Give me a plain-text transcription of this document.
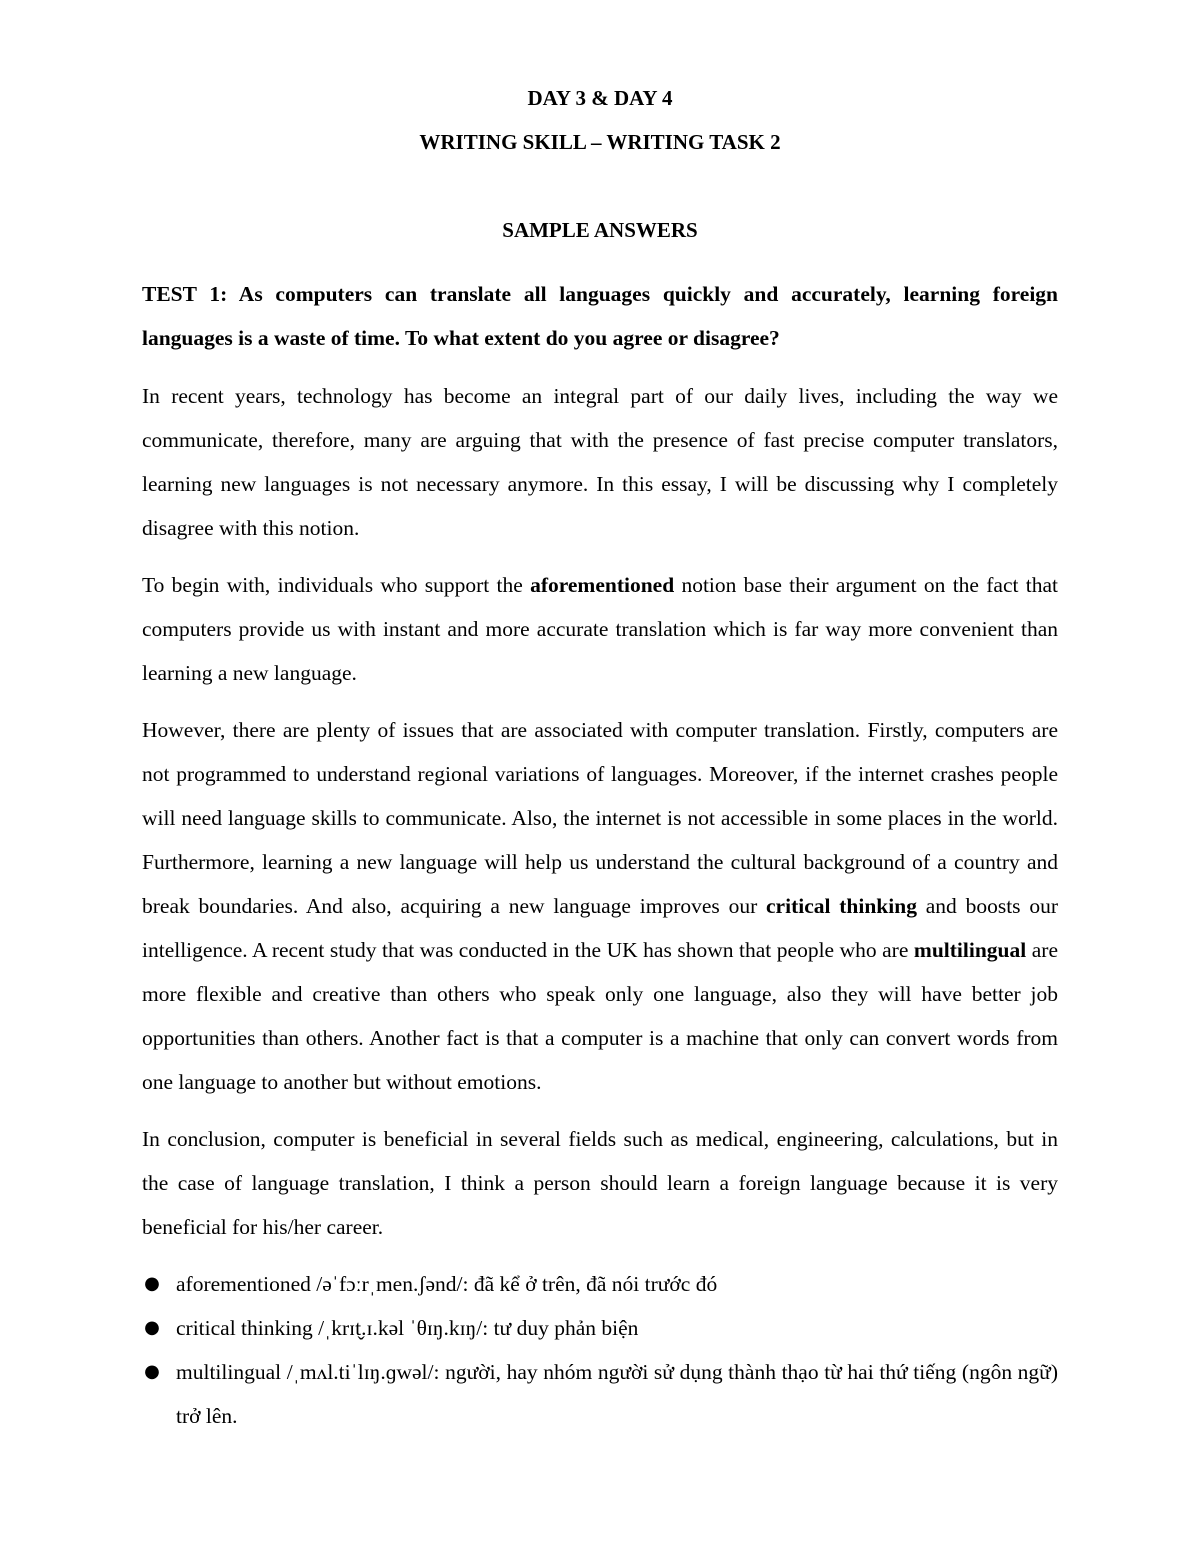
DAY 3 & DAY 4

WRITING SKILL – WRITING TASK 2

SAMPLE ANSWERS

TEST 1: As computers can translate all languages quickly and accurately, learning foreign languages is a waste of time. To what extent do you agree or disagree?

In recent years, technology has become an integral part of our daily lives, including the way we communicate, therefore, many are arguing that with the presence of fast precise computer translators, learning new languages is not necessary anymore. In this essay, I will be discussing why I completely disagree with this notion.

To begin with, individuals who support the aforementioned notion base their argument on the fact that computers provide us with instant and more accurate translation which is far way more convenient than learning a new language.

However, there are plenty of issues that are associated with computer translation. Firstly, computers are not programmed to understand regional variations of languages. Moreover, if the internet crashes people will need language skills to communicate. Also, the internet is not accessible in some places in the world. Furthermore, learning a new language will help us understand the cultural background of a country and break boundaries. And also, acquiring a new language improves our critical thinking and boosts our intelligence. A recent study that was conducted in the UK has shown that people who are multilingual are more flexible and creative than others who speak only one language, also they will have better job opportunities than others. Another fact is that a computer is a machine that only can convert words from one language to another but without emotions.

In conclusion, computer is beneficial in several fields such as medical, engineering, calculations, but in the case of language translation, I think a person should learn a foreign language because it is very beneficial for his/her career.

● aforementioned /əˈfɔːrˌmen.ʃənd/: đã kể ở trên, đã nói trước đó
● critical thinking /ˌkrɪt̬.ɪ.kəl ˈθɪŋ.kɪŋ/: tư duy phản biện
● multilingual /ˌmʌl.tiˈlɪŋ.ɡwəl/: người, hay nhóm người sử dụng thành thạo từ hai thứ tiếng (ngôn ngữ) trở lên.
